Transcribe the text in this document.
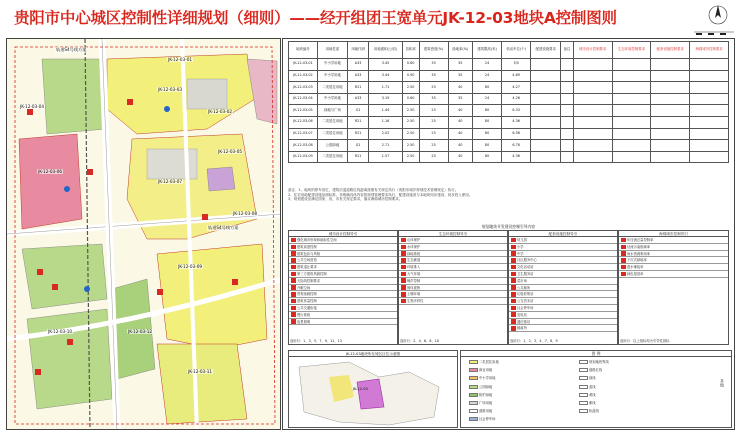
贵阳市中心城区控制性详细规划（细则）——经开组团王宽单元JK-12-03地块A控制图则
轨道S4号线方案
JK-12-03-01
JK-12-03-02
JK-12-03-03
JK-12-03-04
JK-12-03-05
JK-12-03-06
JK-12-03-07
JK-12-03-08
JK-12-03-09
JK-12-03-10
JK-12-03-11
JK-12-03-12
轨道S4号线方案
地块编号	用地性质	用地代码	用地面积(公顷)	容积率	建筑密度(%)	绿地率(%)	建筑限高(米)	机动车位(个)	配建设施要求	备注	城市设计控制要求	生态环境控制要求	配套设施控制要求	海绵城市控制要求
JK-12-03-01	中小学用地	A33	3.45	0.60	35	35	24	5/5						
JK-12-03-02	中小学用地	A33	3.44	0.90	35	35	24	4.89						
JK-12-03-03	二类居住用地	R21	1.71	2.50	25	40	80	4.27						
JK-12-03-04	中小学用地	A33	3.19	0.60	35	35	24	4.26						
JK-12-03-05	绿地与广场	G1	1.44	2.50	25	40	80	6.33						
JK-12-03-06	二类居住用地	R21	1.16	2.50	25	40	80	4.36						
JK-12-03-07	二类居住用地	R21	2.02	2.50	25	40	80	6.56						
JK-12-03-08	公园绿地	G1	2.71	2.50	25	40	80	6.78						
JK-12-03-09	二类居住用地	R21	1.57	2.50	25	40	80	4.36						
备注：1、地块的停车泊位，建筑后退道路红线距离按照有关规定执行（贵阳市城乡规划技术管理规定）执行。
2、住宅用地配建设施参照标准，非明确具体内容按规划管理要求执行，配建设施须与本地块同步建设、同步投入使用。
3、规划建设应满足国家、省、市有关规定要求，落实海绵城市控制要求。
规划地块开发建设控制引导内容
城市设计控制导引
强化城市形象和地标性空间
建筑高度控制
建筑色彩与风格
公共空间营造
建筑退让要求
第三方建筑风貌控制
天际线控制要求
开敞空间
景观视廊控制
建筑体量控制
公共交通衔接
慢行系统
夜景照明
选用行：1、3、5、7、9、11、13
生态环境控制导引
山体保护
水体保护
绿地系统
生态廊道
环境准入
大气环境
噪声控制
固体废物
土壤环境
生物多样性
选用行：2、4、6、8、10
配套设施控制导引
幼儿园
小学
中学
社区服务中心
文化活动站
卫生服务站
菜市场
公共厕所
垃圾收集站
公交首末站
社会停车场
变电站
通信基站
邮政所
选用行：1、2、3、4、7、8、9
海绵城市控制导引
年径流总量控制率
径流污染削减率
雨水资源利用率
下沉式绿地率
透水铺装率
绿色屋顶率
选用行：以上指标均为引导性指标
JK-12-03地块所在城区区位示意图
JK-12-03
图 例
二类居住用地
商业用地
中小学用地
公园绿地
防护绿地
广场用地
道路用地
社会停车场
规划地块界线
道路红线
绿线
蓝线
黄线
紫线
轨道线
其他
